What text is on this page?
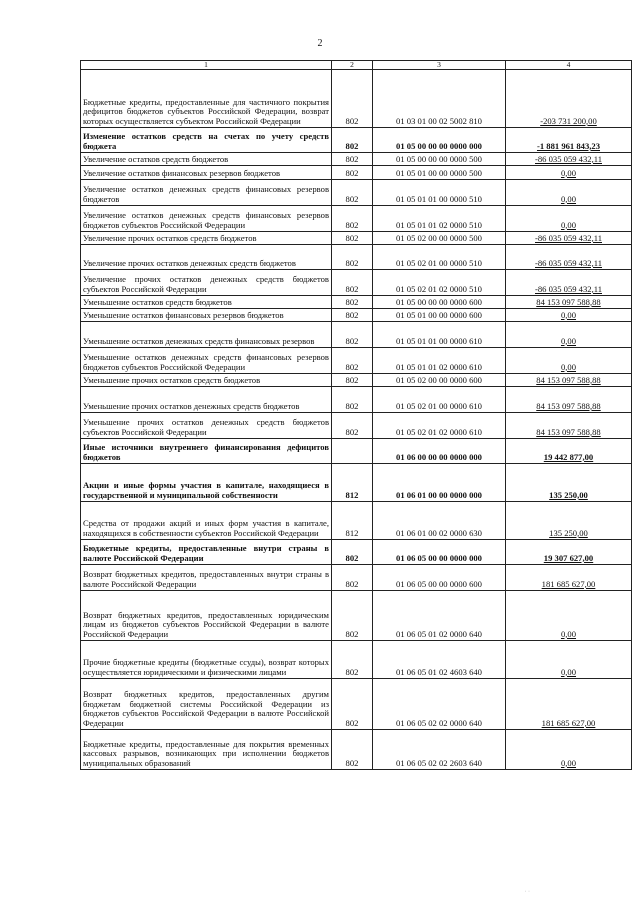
2
1	2	3	4
Бюджетные кредиты, предоставленные для частичного покрытия дефицитов бюджетов субъектов Российской Федерации, возврат которых осуществляется субъектом Российской Федерации	802	01 03 01 00 02 5002 810	-203 731 200,00
Изменение остатков средств на счетах по учету средств бюджета	802	01 05 00 00 00 0000 000	-1 881 961 843,23
Увеличение остатков средств бюджетов	802	01 05 00 00 00 0000 500	-86 035 059 432,11
Увеличение остатков финансовых резервов бюджетов	802	01 05 01 00 00 0000 500	0,00
Увеличение остатков денежных средств финансовых резервов бюджетов	802	01 05 01 01 00 0000 510	0,00
Увеличение остатков денежных средств финансовых резервов бюджетов субъектов Российской Федерации	802	01 05 01 01 02 0000 510	0,00
Увеличение прочих остатков средств бюджетов	802	01 05 02 00 00 0000 500	-86 035 059 432,11
Увеличение прочих остатков денежных средств бюджетов	802	01 05 02 01 00 0000 510	-86 035 059 432,11
Увеличение прочих остатков денежных средств бюджетов субъектов Российской Федерации	802	01 05 02 01 02 0000 510	-86 035 059 432,11
Уменьшение остатков средств бюджетов	802	01 05 00 00 00 0000 600	84 153 097 588,88
Уменьшение остатков финансовых резервов бюджетов	802	01 05 01 00 00 0000 600	0,00
Уменьшение остатков денежных средств финансовых резервов	802	01 05 01 01 00 0000 610	0,00
Уменьшение остатков денежных средств финансовых резервов бюджетов субъектов Российской Федерации	802	01 05 01 01 02 0000 610	0,00
Уменьшение прочих остатков средств бюджетов	802	01 05 02 00 00 0000 600	84 153 097 588,88
Уменьшение прочих остатков денежных средств бюджетов	802	01 05 02 01 00 0000 610	84 153 097 588,88
Уменьшение прочих остатков денежных средств бюджетов субъектов Российской Федерации	802	01 05 02 01 02 0000 610	84 153 097 588,88
Иные источники внутреннего финансирования дефицитов бюджетов		01 06 00 00 00 0000 000	19 442 877,00
Акции и иные формы участия в капитале, находящиеся в государственной и муниципальной собственности	812	01 06 01 00 00 0000 000	135 250,00
Средства от продажи акций и иных форм участия в капитале, находящихся в собственности субъектов Российской Федерации	812	01 06 01 00 02 0000 630	135 250,00
Бюджетные кредиты, предоставленные внутри страны в валюте Российской Федерации	802	01 06 05 00 00 0000 000	19 307 627,00
Возврат бюджетных кредитов, предоставленных внутри страны в валюте Российской Федерации	802	01 06 05 00 00 0000 600	181 685 627,00
Возврат бюджетных кредитов, предоставленных юридическим лицам из бюджетов субъектов Российской Федерации в валюте Российской Федерации	802	01 06 05 01 02 0000 640	0,00
Прочие бюджетные кредиты (бюджетные ссуды), возврат которых осуществляется юридическими и физическими лицами	802	01 06 05 01 02 4603 640	0,00
Возврат бюджетных кредитов, предоставленных другим бюджетам бюджетной системы Российской Федерации из бюджетов субъектов Российской Федерации в валюте Российской Федерации	802	01 06 05 02 02 0000 640	181 685 627,00
Бюджетные кредиты, предоставленные для покрытия временных кассовых разрывов, возникающих при исполнении бюджетов муниципальных образований	802	01 06 05 02 02 2603 640	0,00
· ·
